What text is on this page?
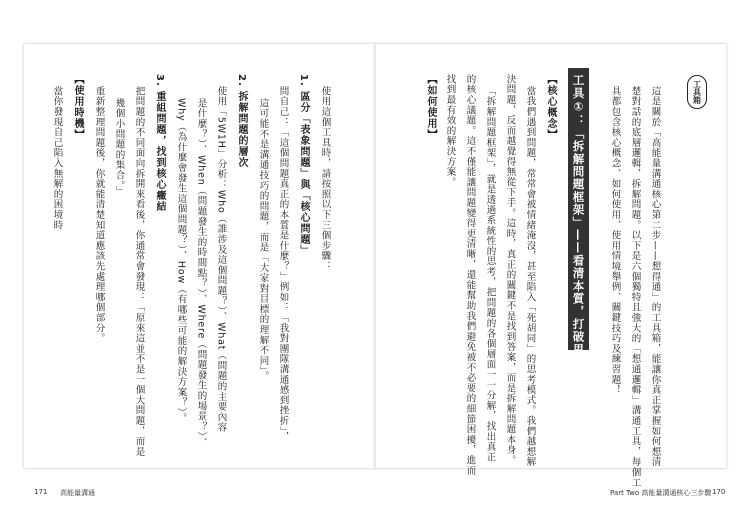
工具箱
這是關於「高能量溝通核心第二步——想得通」的工具箱，能讓你真正掌握如何想清
楚對話的底層邏輯，拆解問題。以下是六個獨特且強大的「想通邏輯」溝通工具，每個工
具都包含核心概念、如何使用、使用情境舉例、關鍵技巧及練習題！
工具①：「拆解問題框架」——看清本質，打破思維僵局
【核心概念】
當我們遇到問題，常常會被情緒淹沒，甚至陷入「死胡同」的思考模式。我們越想解
決問題，反而越覺得無從下手。這時，真正的關鍵不是找到答案，而是拆解問題本身。
「拆解問題框架」，就是透過系統性的思考，把問題的各個層面一一分解，找出真正
的核心議題。這不僅能讓問題變得更清晰，還能幫助我們避免被不必要的細節困擾，進而
找到最有效的解決方案。
【如何使用】
Part Two 高能量溝通核心三步驟 170
使用這個工具時，請按照以下三個步驟：
1. 區分「表象問題」與「核心問題」
問自己：「這個問題真正的本質是什麼？」例如：「我對團隊溝通感到挫折」，
這可能不是溝通技巧的問題，而是「大家對目標的理解不同」。
2. 拆解問題的層次
使用「5W1H」分析：Who（誰涉及這個問題？）、What（問題的主要內容
是什麼？）、When（問題發生的時間點？）、Where（問題發生的場景？）、
Why（為什麼會發生這個問題？）、How（有哪些可能的解決方案？）。
3. 重組問題，找到核心癥結
把問題的不同面向拆開來看後，你通常會發現：「原來這並不是一個大問題，而是
幾個小問題的集合。」
重新整理問題後，你就能清楚知道應該先處理哪個部分。
【使用時機】
當你發現自己陷入無解的困境時
171 高能量溝通
